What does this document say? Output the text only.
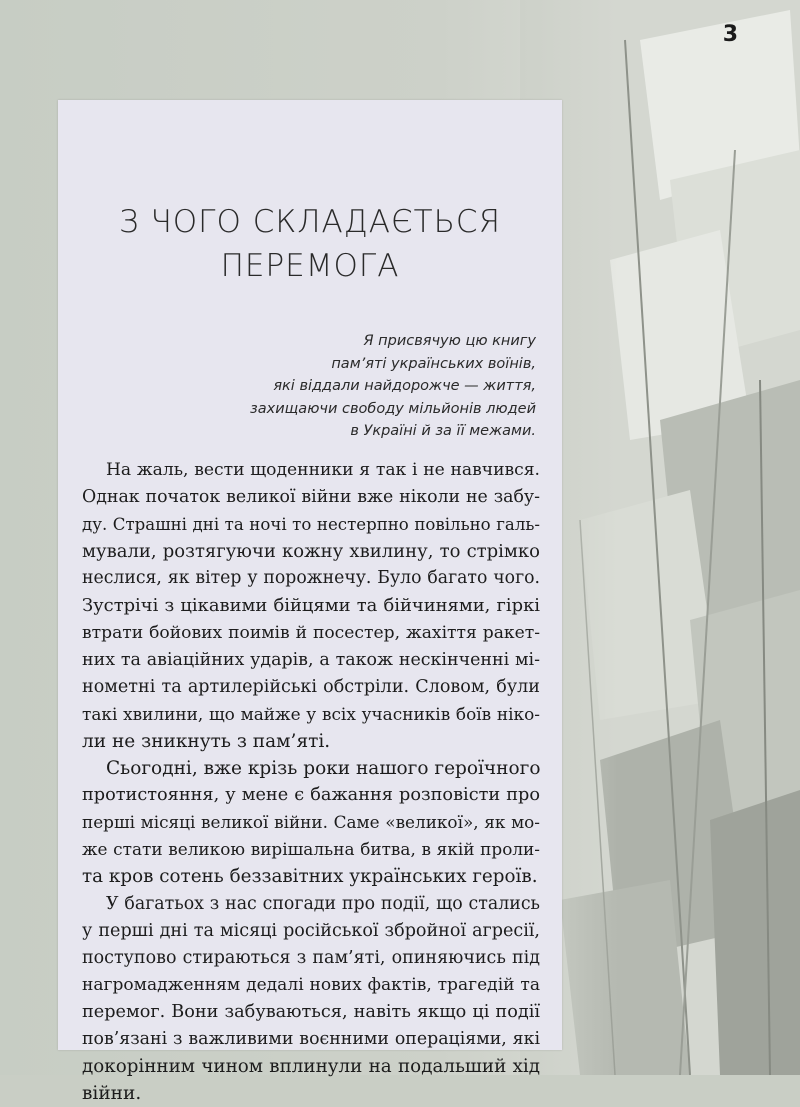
3
З ЧОГО СКЛАДАЄТЬСЯ
ПЕРЕМОГА
Я присвячую цю книгу
пам’яті українських воїнів,
які віддали найдорожче — життя,
захищаючи свободу мільйонів людей
в Україні й за її межами.
На жаль, вести щоденники я так і не навчився.
Однак початок великої війни вже ніколи не забу-
ду. Страшні дні та ночі то нестерпно повільно галь-
мували, розтягуючи кожну хвилину, то стрімко
неслися, як вітер у порожнечу. Було багато чого.
Зустрічі з цікавими бійцями та бійчинями, гіркі
втрати бойових поимів й посестер, жахіття ракет-
них та авіаційних ударів, а також нескінченні мі-
нометні та артилерійські обстріли. Словом, були
такі хвилини, що майже у всіх учасників боїв ніко-
ли не зникнуть з пам’яті.
Сьогодні, вже крізь роки нашого героїчного
протистояння, у мене є бажання розповісти про
перші місяці великої війни. Саме «великої», як мо-
же стати великою вирішальна битва, в якій проли-
та кров сотень беззавітних українських героїв.
У багатьох з нас спогади про події, що стались
у перші дні та місяці російської збройної агресії,
поступово стираються з пам’яті, опиняючись під
нагромадженням дедалі нових фактів, трагедій та
перемог. Вони забуваються, навіть якщо ці події
пов’язані з важливими воєнними операціями, які
докорінним чином вплинули на подальший хід
війни.
